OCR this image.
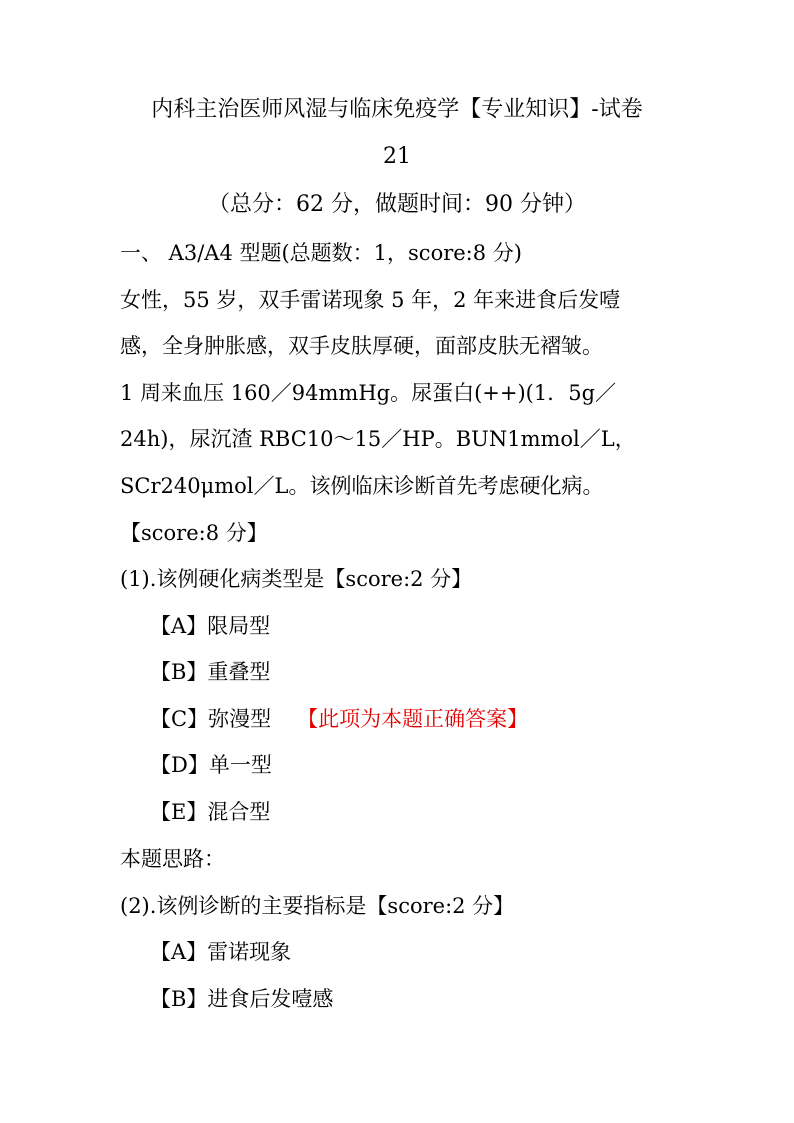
内科主治医师风湿与临床免疫学【专业知识】-试卷
21
（总分：62 分，做题时间：90 分钟）
一、 A3/A4 型题(总题数：1，score:8 分)
女性，55 岁，双手雷诺现象 5 年，2 年来进食后发噎
感，全身肿胀感，双手皮肤厚硬，面部皮肤无褶皱。
1 周来血压 160／94mmHg。尿蛋白(++)(1．5g／
24h)，尿沉渣 RBC10～15／HP。BUN1mmol／L，
SCr240μmol／L。该例临床诊断首先考虑硬化病。
【score:8 分】
(1).该例硬化病类型是【score:2 分】
【A】限局型
【B】重叠型
【C】弥漫型 【此项为本题正确答案】
【D】单一型
【E】混合型
本题思路：
(2).该例诊断的主要指标是【score:2 分】
【A】雷诺现象
【B】进食后发噎感
